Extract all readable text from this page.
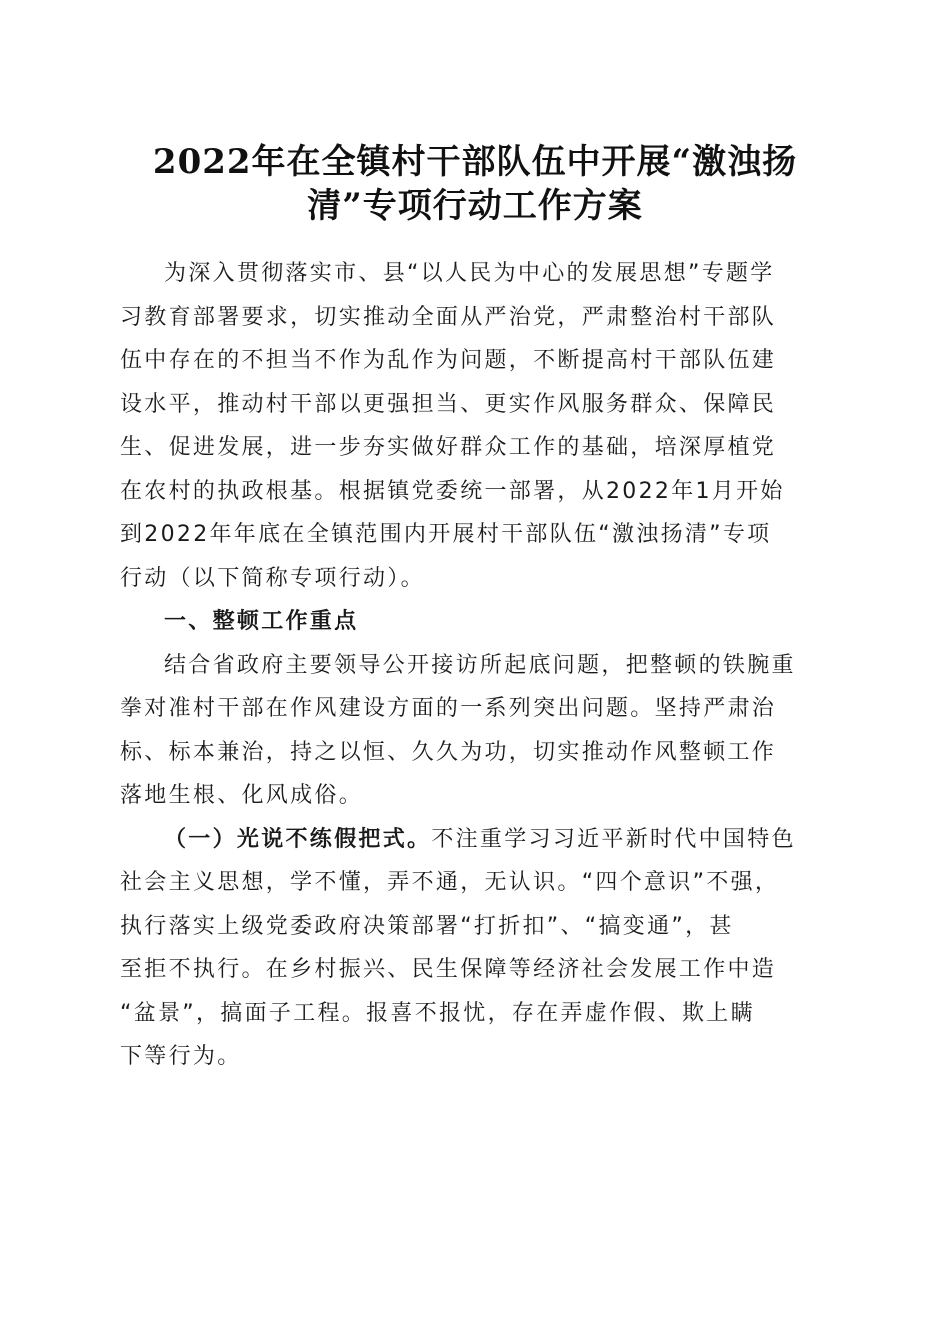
2022年在全镇村干部队伍中开展“激浊扬
清”专项行动工作方案
为深入贯彻落实市、县“以人民为中心的发展思想”专题学
习教育部署要求，切实推动全面从严治党，严肃整治村干部队
伍中存在的不担当不作为乱作为问题，不断提高村干部队伍建
设水平，推动村干部以更强担当、更实作风服务群众、保障民
生、促进发展，进一步夯实做好群众工作的基础，培深厚植党
在农村的执政根基。根据镇党委统一部署，从2022年1月开始
到2022年年底在全镇范围内开展村干部队伍“激浊扬清”专项
行动（以下简称专项行动）。
一、整顿工作重点
结合省政府主要领导公开接访所起底问题，把整顿的铁腕重
拳对准村干部在作风建设方面的一系列突出问题。坚持严肃治
标、标本兼治，持之以恒、久久为功，切实推动作风整顿工作
落地生根、化风成俗。
（一）光说不练假把式。不注重学习习近平新时代中国特色
社会主义思想，学不懂，弄不通，无认识。“四个意识”不强，
执行落实上级党委政府决策部署“打折扣”、“搞变通”，甚
至拒不执行。在乡村振兴、民生保障等经济社会发展工作中造
“盆景”，搞面子工程。报喜不报忧，存在弄虚作假、欺上瞒
下等行为。
